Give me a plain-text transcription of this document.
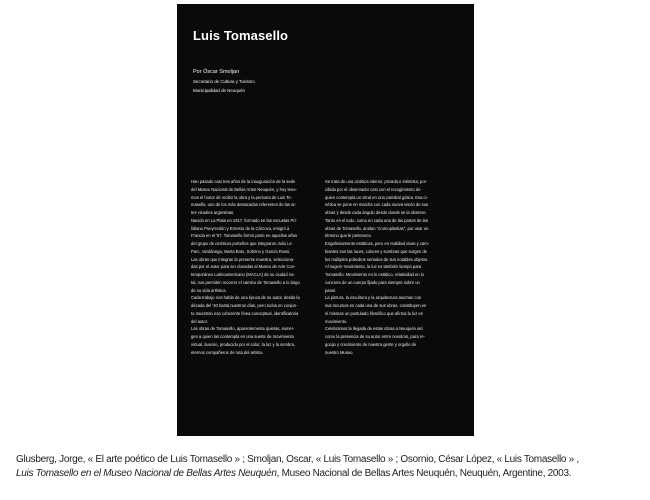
Luis Tomasello
Por Óscar Smoljan
Secretario de Cultura y Turismo
Municipalidad de Neuquén
Han pasado casi tres años de la inauguración de la sede
del Museo Nacional de Bellas Artes Neuquén, y hoy tene-
mos el honor de recibir la obra y la persona de Luis To-
masello, uno de los más destacados referentes de las ar-
tes visuales argentinas.
Nacido en La Plata en 1917, formado en las escuelas Pri-
lidiano Pueyrredón y Ernesto de la Cárcova, emigró a
Francia en el '57. Tomasello formó parte en aquellos años
del grupo de cinéticos porteños que integraron Julio Le
Parc, Vardánega, Marta Boto, Sobrino y García Rossi.
Las obras que integran la presente muestra, selecciona-
das por el autor para ser donadas al Museo de Arte Con-
temporáneo Latinoamericano (MACLA) de su ciudad na-
tal, nos permiten recorrer el camino de Tomasello a lo largo
de su vida artística.
Cada trabajo nos habla de una época de su autor, desde la
década del '40 hasta nuestros días, pero todos en conjun-
to muestran esa coherente línea conceptual, identificatoria
del autor.
Las obras de Tomasello, aparentemente quietas, sumer-
gen a quien las contempla en una suerte de movimiento
virtual, ilusorio, producido por el color, la luz y la sombra,
eternos compañeros de ruta del artista.
Se trata de una cinética interior, privada e intimista, por-
cibida por el observador casi con el recogimiento de
quien contempla un vitral en una catedral gótica. Esa ci-
nética se pone en marcha con cada nueva visión de sus
obras y desde cada ángulo desde donde se la observe.
Tanto en el todo, como en cada una de las partes de las
obras de Tomasello, anidan "cromoplastias", por usar un
término que le pertenece.
Engañosamente estáticas, pero en realidad vivas y cam-
biantes son las luces, colores y sombras que surgen de
los múltiples poliedros seriados de sus notables objetos.
Al sugerir movimiento, la luz es también tiempo para
Tomasello. Movimiento en lo estático, relatividad en lo
concreto de un cuerpo fijado para siempre sobre un
panel.
La pintura, la escultura y la arquitectura asoman con
sus recursos en cada una de sus obras, constituyen en
sí mismas un postulado filosófico que afirma la luz es
movimiento.
Celebramos la llegada de estas obras a Neuquén así
como la presencia de su autor entre nosotros, para re-
gocijo y crecimiento de nuestra gente y orgullo de
nuestro Museo.
Glusberg, Jorge, « El arte poético de Luis Tomasello » ; Smoljan, Oscar, « Luis Tomasello » ; Osornio, César López, « Luis Tomasello » ,
Luis Tomasello en el Museo Nacional de Bellas Artes Neuquén, Museo Nacional de Bellas Artes Neuquén, Neuquén, Argentine, 2003.
